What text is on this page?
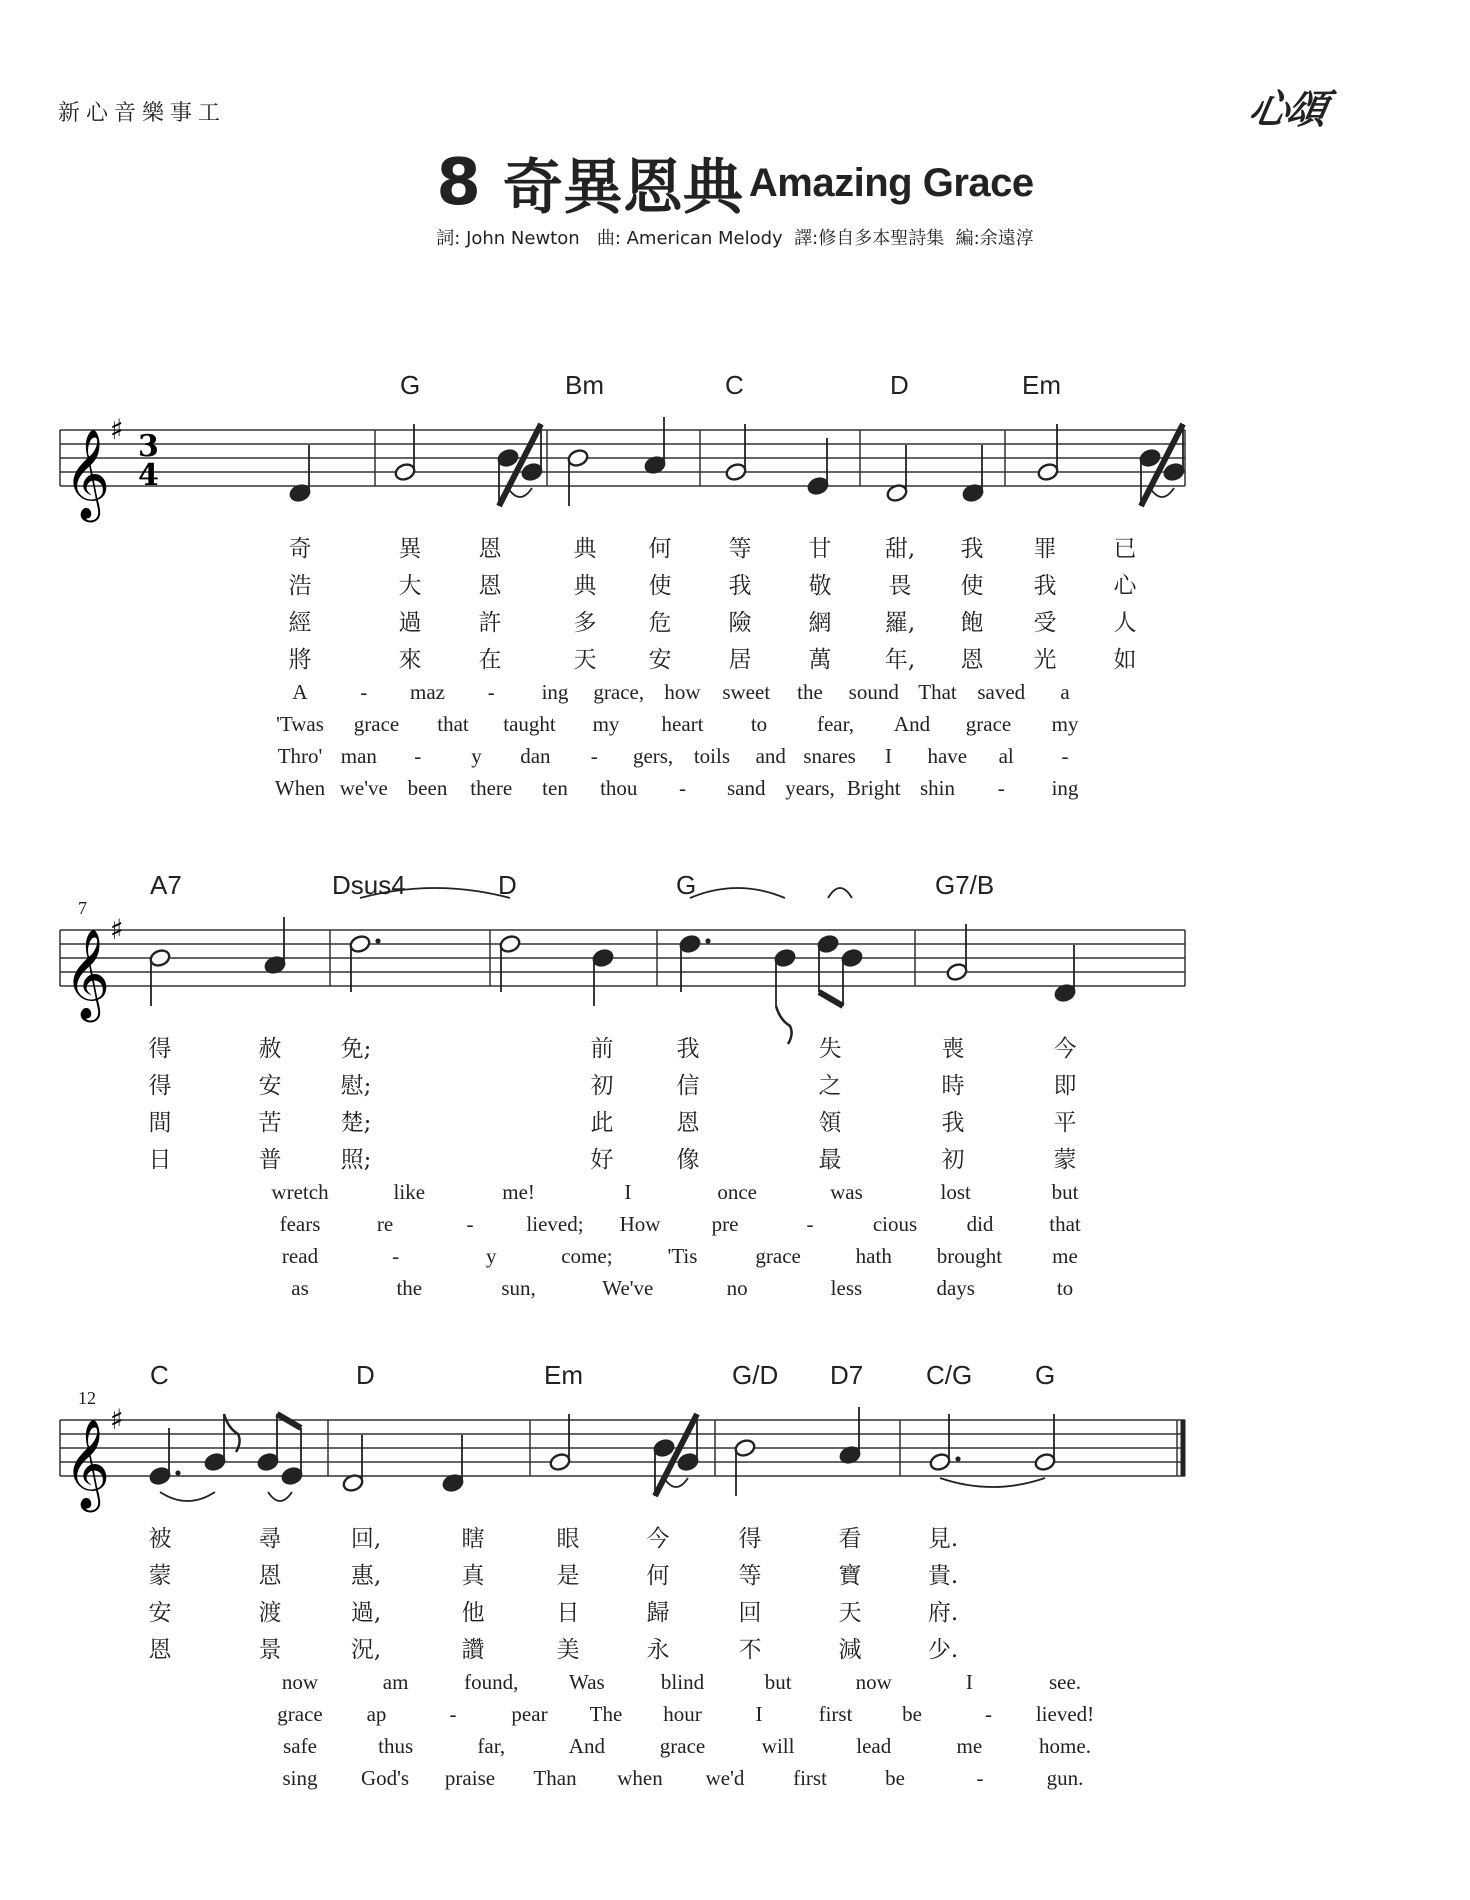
新心音樂事工	心頌
8 奇異恩典 Amazing Grace
詞: John Newton   曲: American Melody  譯:修自多本聖詩集  編:余遠淳
𝄞 ♯ 3
4
G	Bm	C	D	Em
奇	異 恩	典 何 等 甘 甜, 我 罪 已
浩	大 恩	典 使 我 敬 畏 使 我 心
經	過 許	多 危 險 網 羅, 飽 受 人
將	來 在	天 安 居 萬 年, 恩 光 如
A	- maz - ing grace, how sweet the sound That saved a
'Twas grace that taught my heart to fear, And grace my
Thro' man - y dan - gers, toils and snares I have al -
When we've been there ten thou - sand years, Bright shin - ing
𝄞 ♯
7
A7	Dsus4	D	G	G7/B
得	赦	免;	前	我	失	喪	今
得	安	慰;	初	信	之	時	即
間	苦	楚;	此	恩	領	我	平
日	普	照;	好	像	最	初	蒙
wretch	like	me!	I	once	was	lost	but
fears	re	-	lieved; How pre	-	cious did	that
read	-	y	come;	'Tis	grace	hath brought me
as	the	sun,	We've	no	less	days	to
𝄞 ♯
12
C	D	Em	G/D D7 C/G G
被	尋	回,	瞎	眼	今	得	看	見.
蒙	恩	惠,	真	是	何	等	寶	貴.
安	渡	過,	他	日	歸	回	天	府.
恩	景	況,	讚	美	永	不	減	少.
now	am	found, Was	blind	but	now	I	see.
grace ap	-	pear The hour	I	first be	- lieved!
safe	thus	far,	And	grace	will	lead	me	home.
sing God's praise Than when we'd first	be	-	gun.
